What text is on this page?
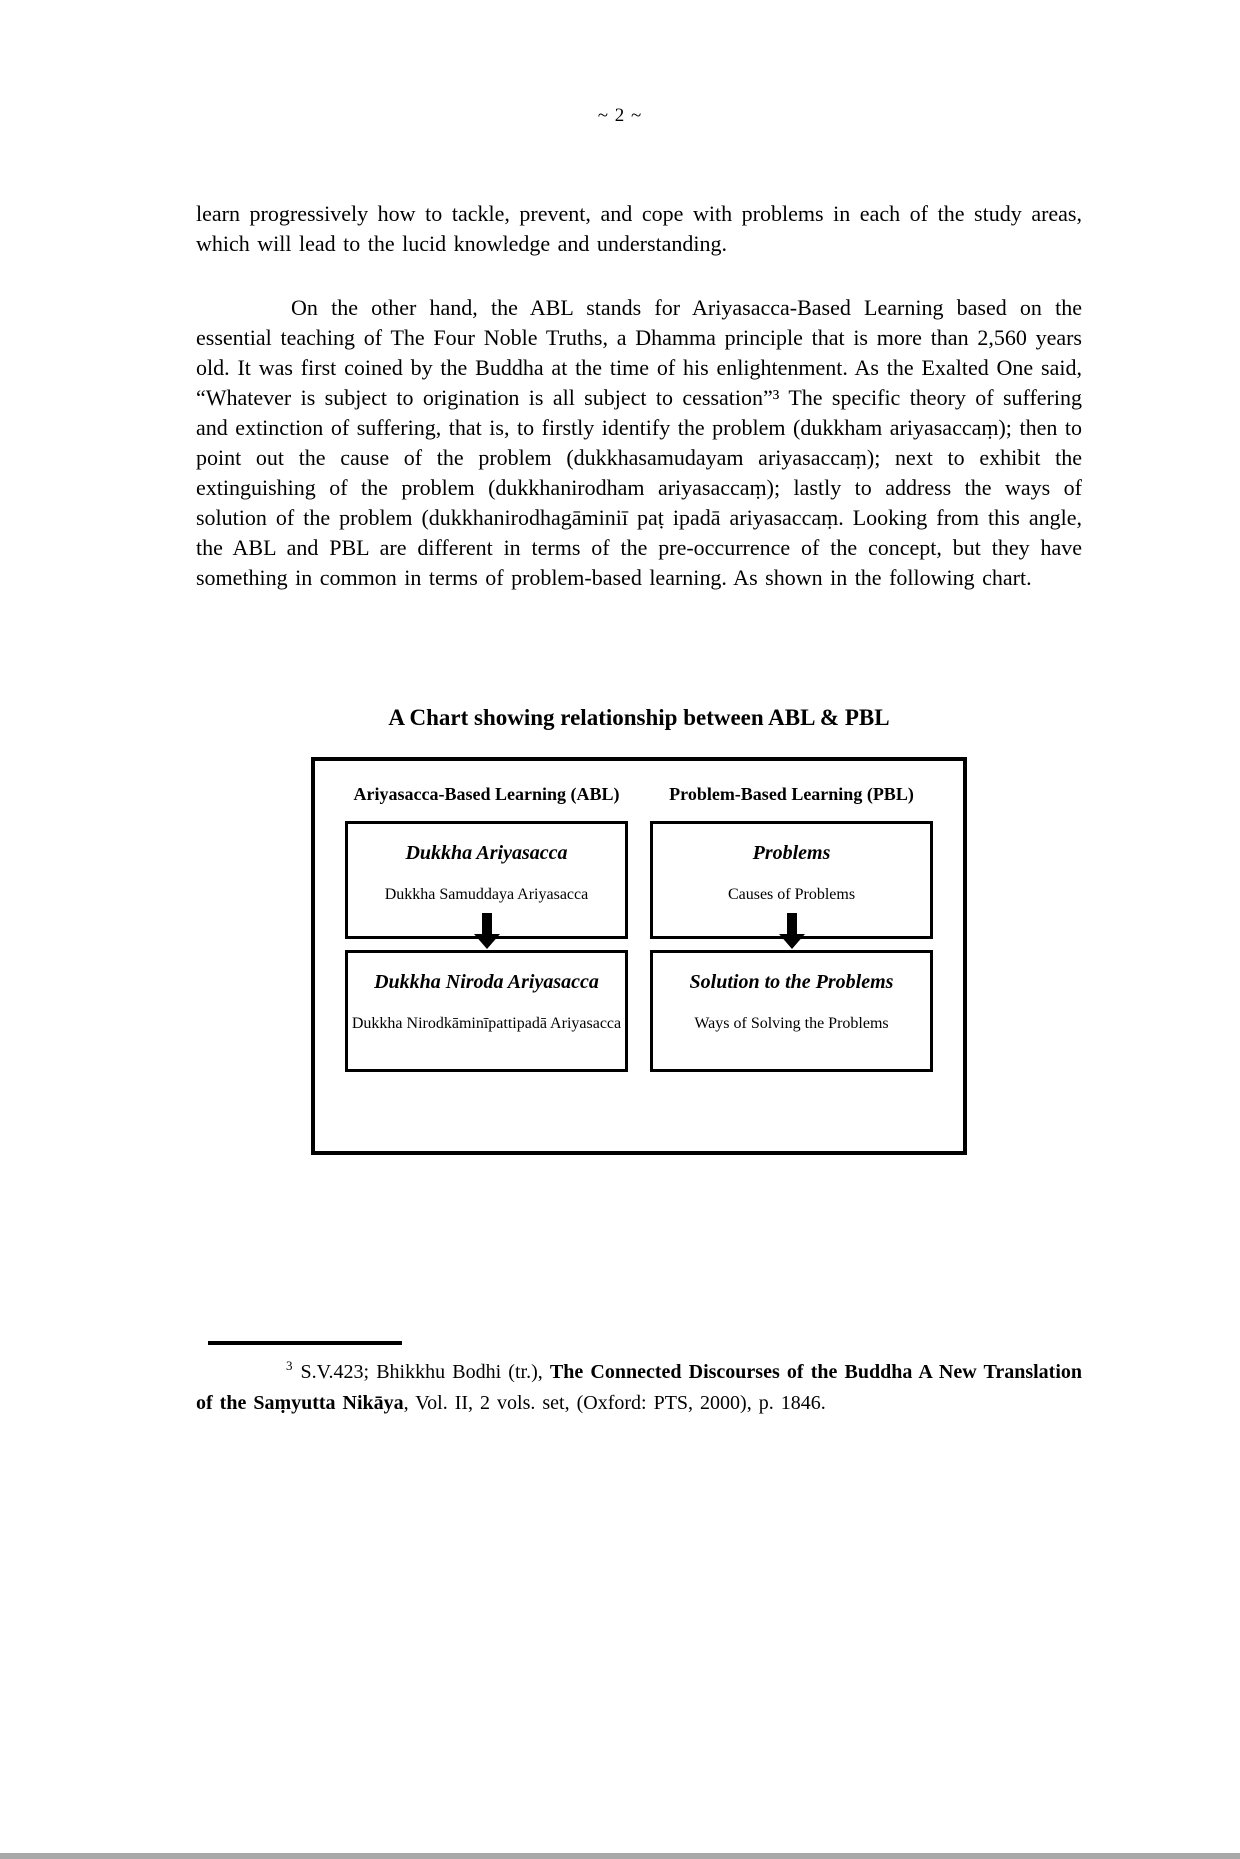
~ 2 ~

learn progressively how to tackle, prevent, and cope with problems in each of the study areas, which will lead to the lucid knowledge and understanding.

On the other hand, the ABL stands for Ariyasacca-Based Learning based on the essential teaching of The Four Noble Truths, a Dhamma principle that is more than 2,560 years old. It was first coined by the Buddha at the time of his enlightenment. As the Exalted One said, “Whatever is subject to origination is all subject to cessation”³ The specific theory of suffering and extinction of suffering, that is, to firstly identify the problem (dukkham ariyasaccaṃ); then to point out the cause of the problem (dukkhasamudayam ariyasaccaṃ); next to exhibit the extinguishing of the problem (dukkhanirodham ariyasaccaṃ); lastly to address the ways of solution of the problem (dukkhanirodhagāminiī paṭ ipadā ariyasaccaṃ. Looking from this angle, the ABL and PBL are different in terms of the pre-occurrence of the concept, but they have something in common in terms of problem-based learning. As shown in the following chart.

A Chart showing relationship between ABL & PBL
Ariyasacca-Based Learning (ABL)	Problem-Based Learning (PBL)
Dukkha Ariyasacca
Dukkha Samuddaya Ariyasacca
Problems
Causes of Problems
Dukkha Niroda Ariyasacca
Dukkha Nirodkāminīpattipadā Ariyasacca
Solution to the Problems
Ways of Solving the Problems

$^3$ S.V.423; Bhikkhu Bodhi (tr.), The Connected Discourses of the Buddha A New Translation of the Saṃyutta Nikāya, Vol. II, 2 vols. set, (Oxford: PTS, 2000), p. 1846.
